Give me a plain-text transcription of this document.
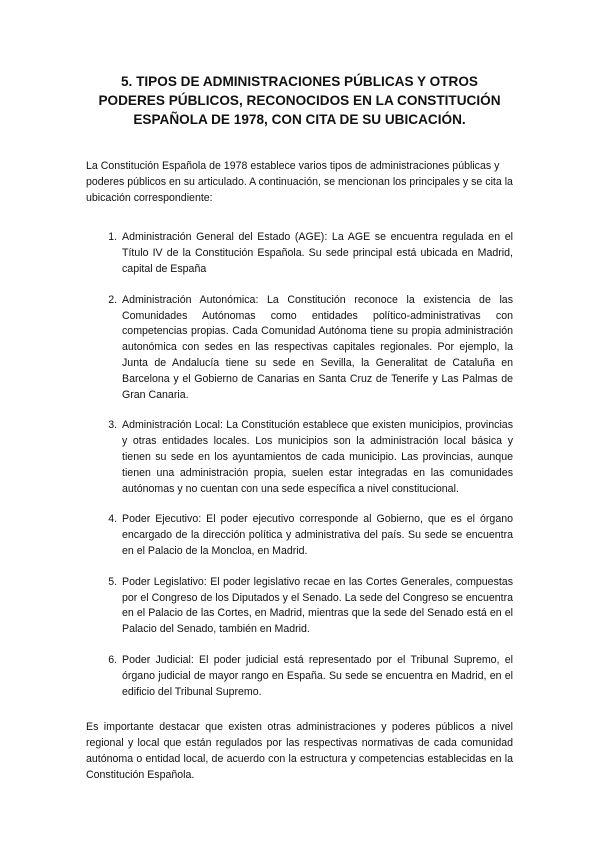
5. TIPOS DE ADMINISTRACIONES PÚBLICAS Y OTROS PODERES PÚBLICOS, RECONOCIDOS EN LA CONSTITUCIÓN ESPAÑOLA DE 1978, CON CITA DE SU UBICACIÓN.

La Constitución Española de 1978 establece varios tipos de administraciones públicas y poderes públicos en su articulado. A continuación, se mencionan los principales y se cita la ubicación correspondiente:

1. Administración General del Estado (AGE): La AGE se encuentra regulada en el Título IV de la Constitución Española. Su sede principal está ubicada en Madrid, capital de España
2. Administración Autonómica: La Constitución reconoce la existencia de las Comunidades Autónomas como entidades político-administrativas con competencias propias. Cada Comunidad Autónoma tiene su propia administración autonómica con sedes en las respectivas capitales regionales. Por ejemplo, la Junta de Andalucía tiene su sede en Sevilla, la Generalitat de Cataluña en Barcelona y el Gobierno de Canarias en Santa Cruz de Tenerife y Las Palmas de Gran Canaria.
3. Administración Local: La Constitución establece que existen municipios, provincias y otras entidades locales. Los municipios son la administración local básica y tienen su sede en los ayuntamientos de cada municipio. Las provincias, aunque tienen una administración propia, suelen estar integradas en las comunidades autónomas y no cuentan con una sede específica a nivel constitucional.
4. Poder Ejecutivo: El poder ejecutivo corresponde al Gobierno, que es el órgano encargado de la dirección política y administrativa del país. Su sede se encuentra en el Palacio de la Moncloa, en Madrid.
5. Poder Legislativo: El poder legislativo recae en las Cortes Generales, compuestas por el Congreso de los Diputados y el Senado. La sede del Congreso se encuentra en el Palacio de las Cortes, en Madrid, mientras que la sede del Senado está en el Palacio del Senado, también en Madrid.
6. Poder Judicial: El poder judicial está representado por el Tribunal Supremo, el órgano judicial de mayor rango en España. Su sede se encuentra en Madrid, en el edificio del Tribunal Supremo.

Es importante destacar que existen otras administraciones y poderes públicos a nivel regional y local que están regulados por las respectivas normativas de cada comunidad autónoma o entidad local, de acuerdo con la estructura y competencias establecidas en la Constitución Española.
